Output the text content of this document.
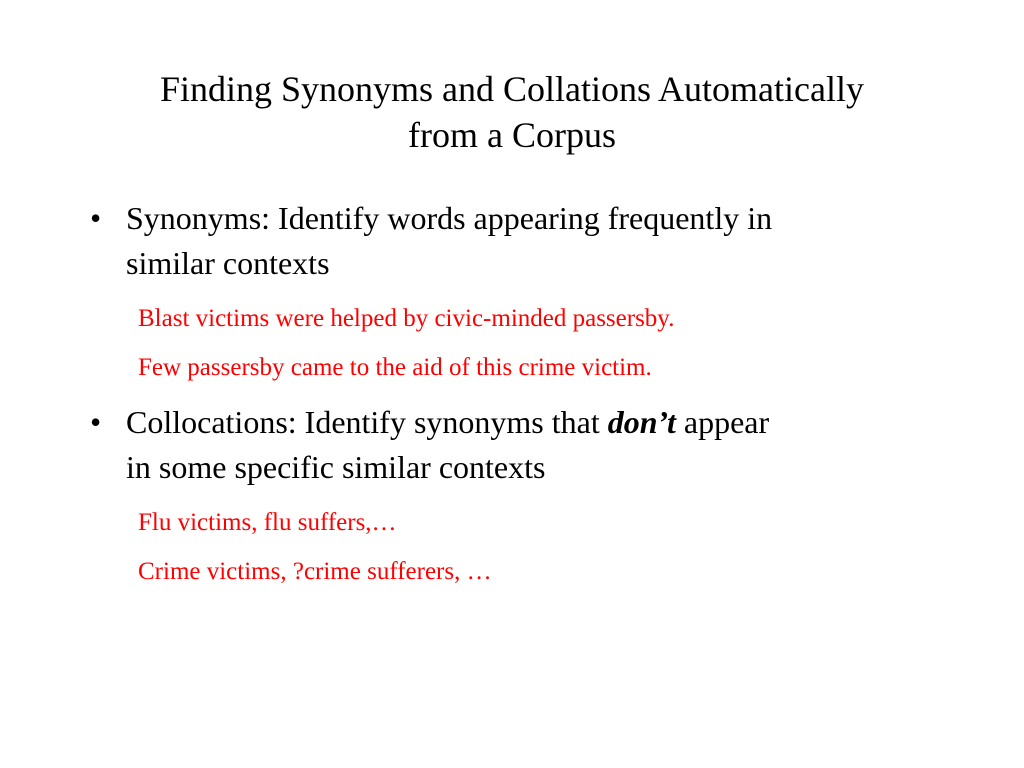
Finding Synonyms and Collations Automatically
from a Corpus
• Synonyms: Identify words appearing frequently in
similar contexts
Blast victims were helped by civic-minded passersby.
Few passersby came to the aid of this crime victim.
• Collocations: Identify synonyms that don’t appear
in some specific similar contexts
Flu victims, flu suffers,…
Crime victims, ?crime sufferers, …
